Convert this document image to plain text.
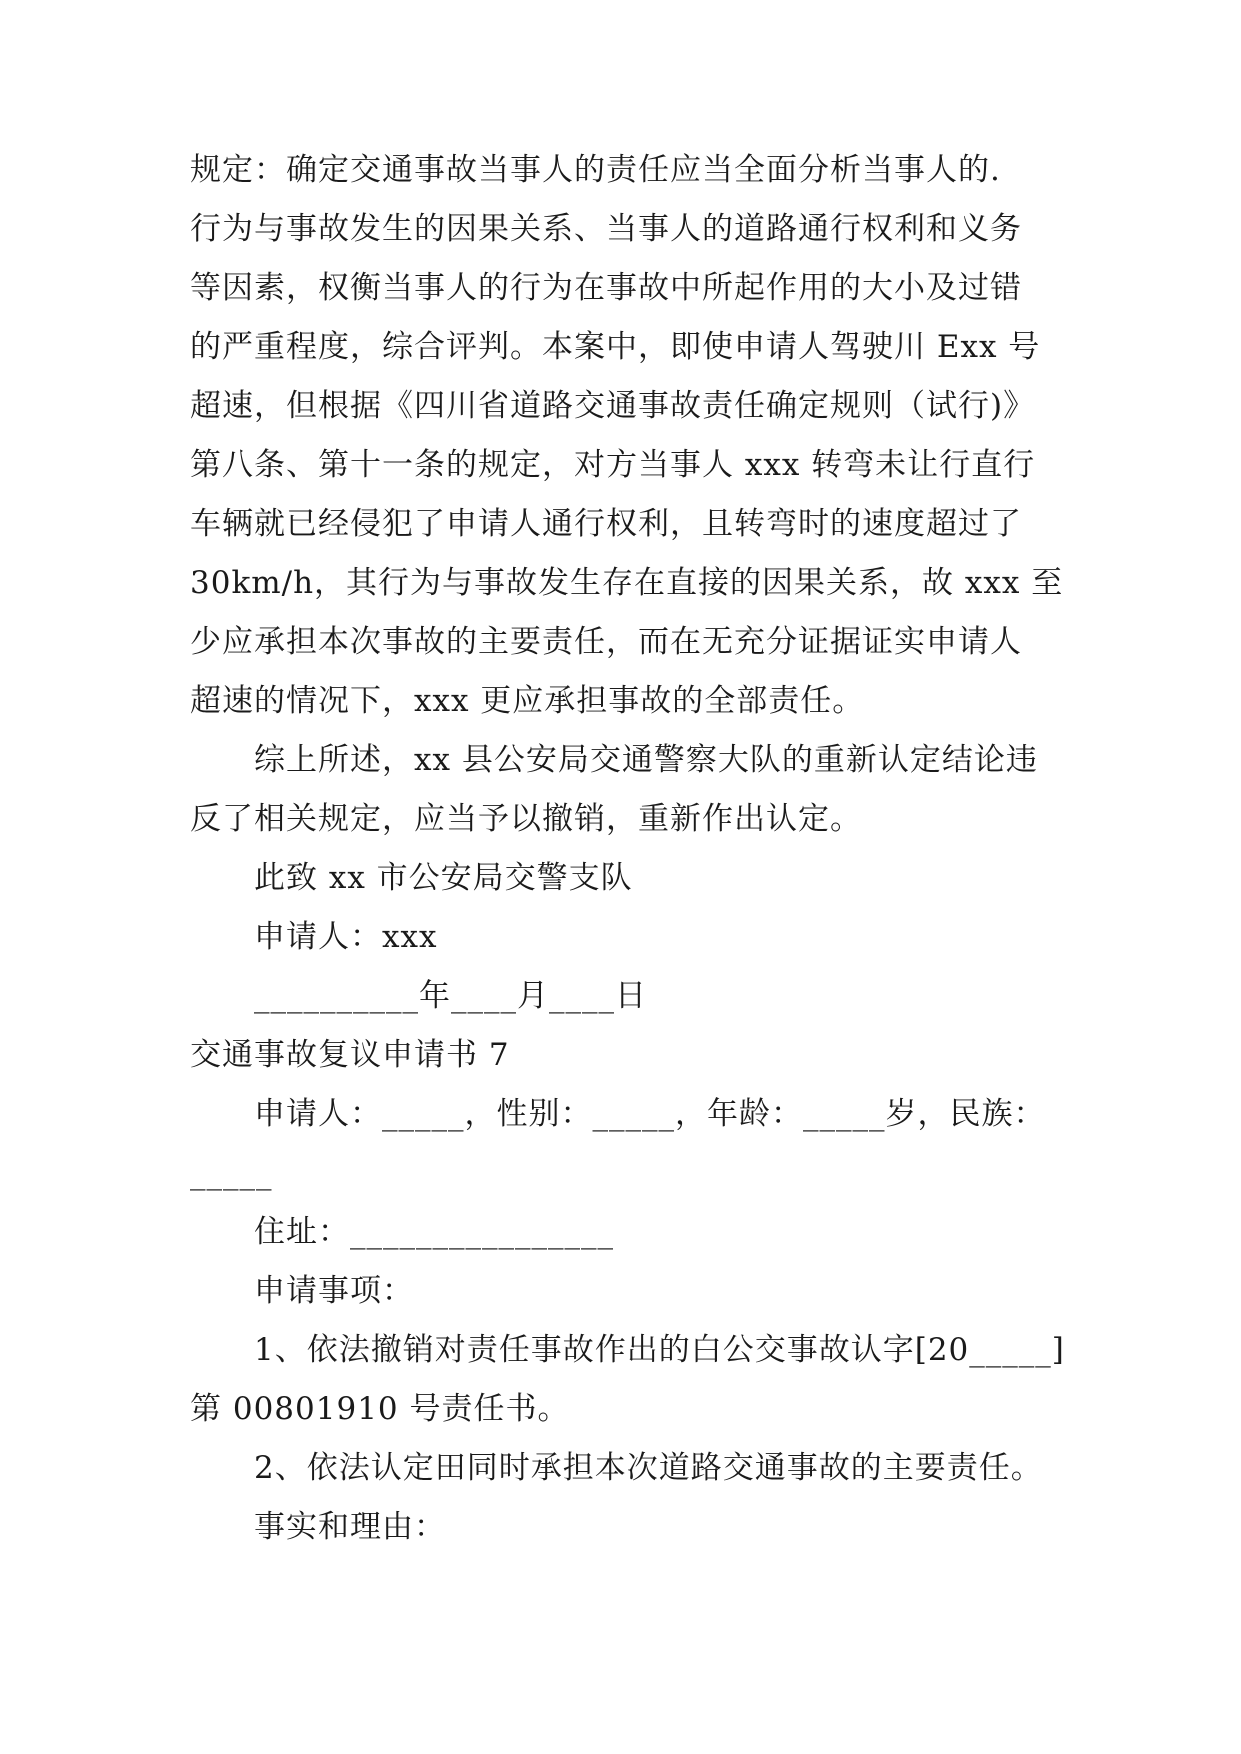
规定：确定交通事故当事人的责任应当全面分析当事人的.
行为与事故发生的因果关系、当事人的道路通行权利和义务
等因素，权衡当事人的行为在事故中所起作用的大小及过错
的严重程度，综合评判。本案中，即使申请人驾驶川 Exx 号
超速，但根据《四川省道路交通事故责任确定规则（试行)》
第八条、第十一条的规定，对方当事人 xxx 转弯未让行直行
车辆就已经侵犯了申请人通行权利，且转弯时的速度超过了
30km/h，其行为与事故发生存在直接的因果关系，故 xxx 至
少应承担本次事故的主要责任，而在无充分证据证实申请人
超速的情况下，xxx 更应承担事故的全部责任。
综上所述，xx 县公安局交通警察大队的重新认定结论违
反了相关规定，应当予以撤销，重新作出认定。
此致 xx 市公安局交警支队
申请人：xxx
__________年____月____日
交通事故复议申请书 7
申请人：_____，性别：_____，年龄：_____岁，民族：
_____
住址：________________
申请事项：
1、依法撤销对责任事故作出的白公交事故认字[20_____]
第 00801910 号责任书。
2、依法认定田同时承担本次道路交通事故的主要责任。
事实和理由：
